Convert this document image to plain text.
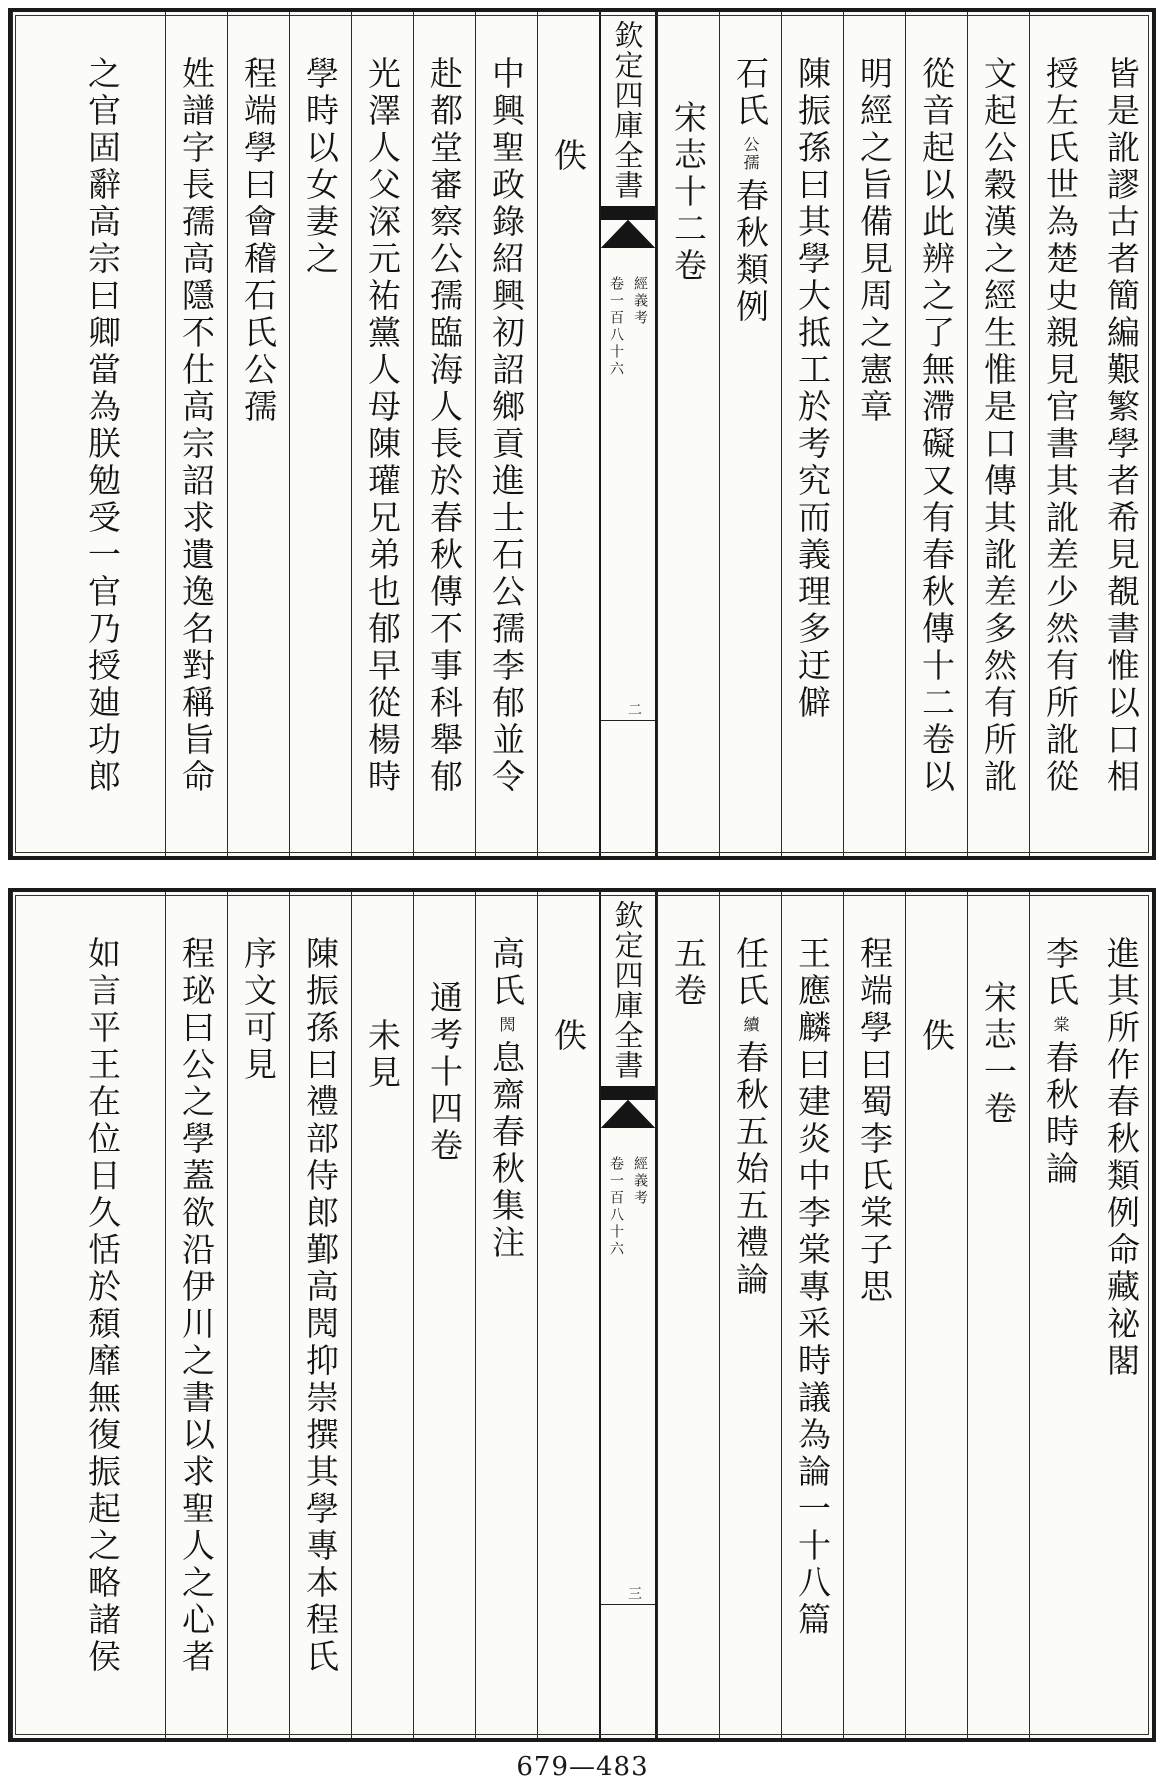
皆是訛謬古者簡編艱繁學者希見覩書惟以口相
授左氏世為楚史親見官書其訛差少然有所訛從
文起公穀漢之經生惟是口傳其訛差多然有所訛
從音起以此辨之了無滯礙又有春秋傳十二卷以
明經之旨備見周之憲章
陳振孫曰其學大抵工於考究而義理多迂僻
石氏
公孺
春秋類例
宋志十二卷
欽定四庫全書
經義考
卷一百八十六
二
佚
中興聖政錄紹興初詔鄉貢進士石公孺李郁並令
赴都堂審察公孺臨海人長於春秋傳不事科舉郁
光澤人父深元祐黨人母陳瓘兄弟也郁早從楊時
學時以女妻之
程端學曰會稽石氏公孺
姓譜字長孺高隱不仕高宗詔求遺逸名對稱旨命
之官固辭高宗曰卿當為朕勉受一官乃授廸功郎
進其所作春秋類例命藏祕閣
李氏
棠
春秋時論
宋志一卷
佚
程端學曰蜀李氏棠子思
王應麟曰建炎中李棠專采時議為論一十八篇
任氏
續
春秋五始五禮論
五卷
欽定四庫全書
經義考
卷一百八十六
三
佚
高氏
閌
息齋春秋集注
通考十四卷
未見
陳振孫曰禮部侍郎鄞高閌抑崇撰其學專本程氏
序文可見
程珌曰公之學蓋欲沿伊川之書以求聖人之心者
如言平王在位日久恬於頹靡無復振起之略諸侯
679—483
